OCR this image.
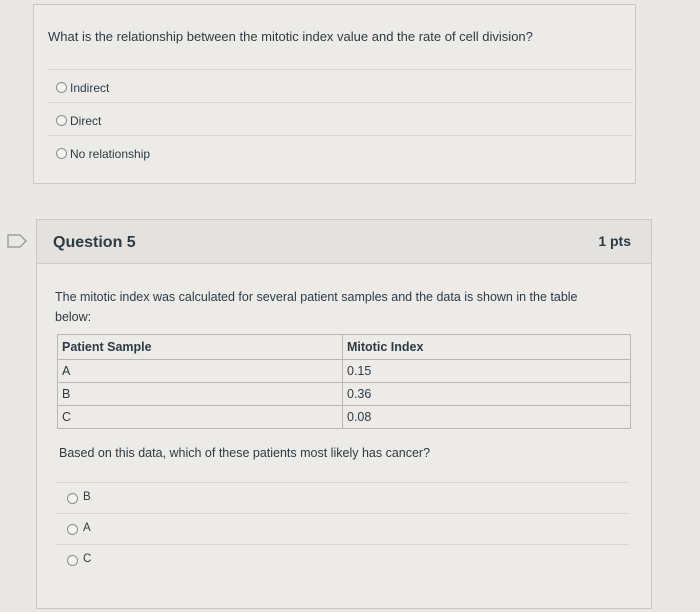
What is the relationship between the mitotic index value and the rate of cell division?
Indirect
Direct
No relationship
Question 5	1 pts
The mitotic index was calculated for several patient samples and the data is shown in the table below:
Patient Sample	Mitotic Index
A	0.15
B	0.36
C	0.08
Based on this data, which of these patients most likely has cancer?
B
A
C
